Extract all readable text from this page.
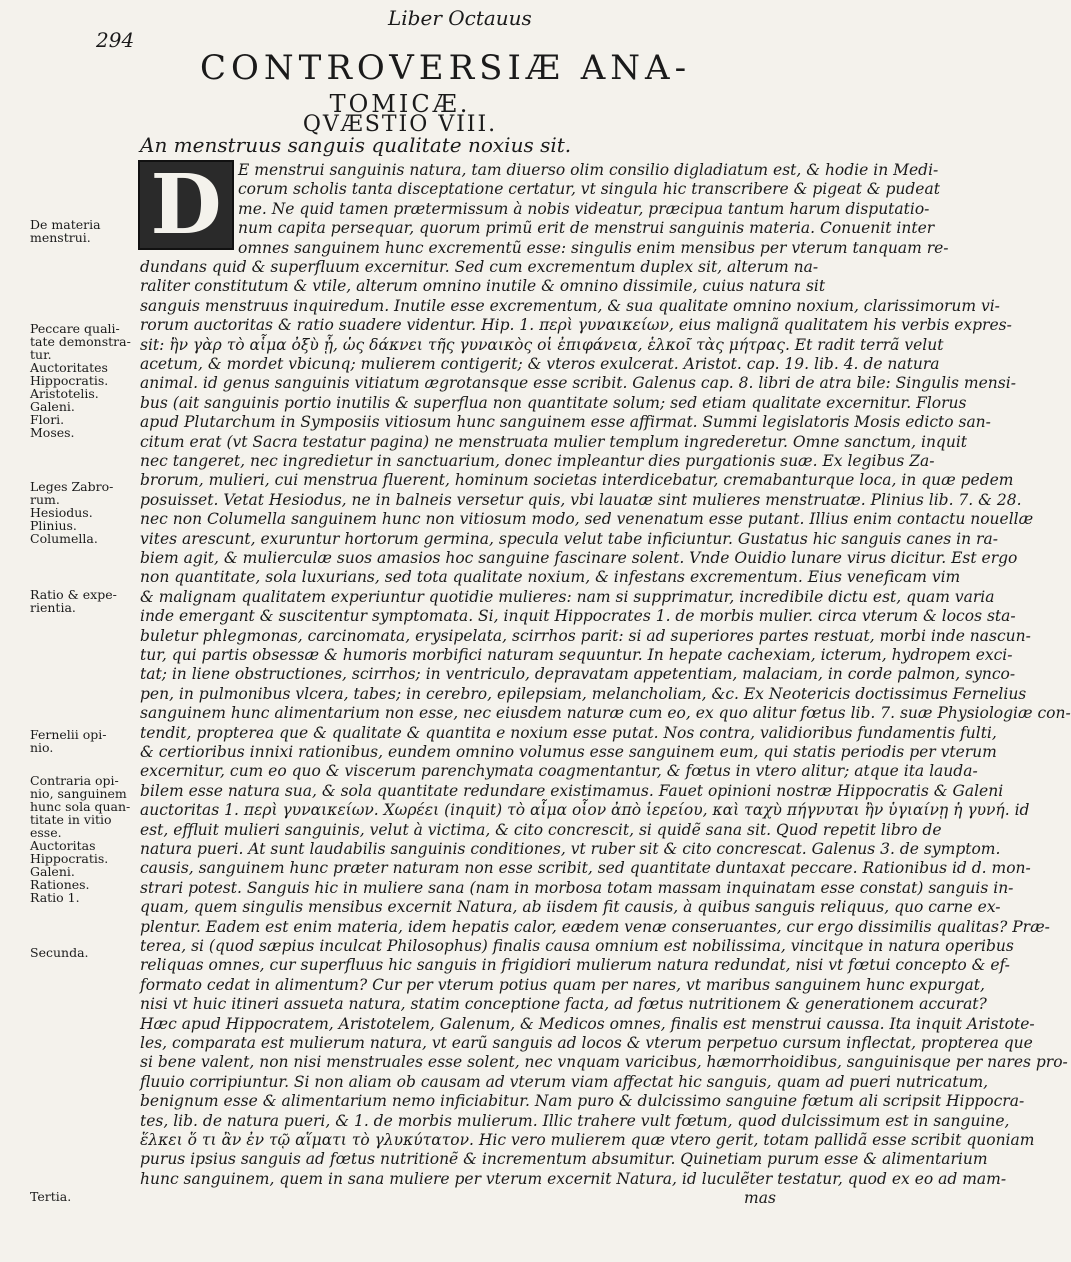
294
Liber Octauus
CONTROVERSIÆ ANA-
TOMICÆ.
QVÆSTIO VIII.
An menstruus sanguis qualitate noxius sit.
D E menstrui sanguinis natura, tam diuerso olim consilio digladiatum est, & hodie in Medi-
corum scholis tanta disceptatione certatur, vt singula hic transcribere & pigeat & pudeat
me. Ne quid tamen prætermissum à nobis videatur, præcipua tantum harum disputatio-
num capita persequar, quorum primũ erit de menstrui sanguinis materia. Conuenit inter
omnes sanguinem hunc excrementũ esse: singulis enim mensibus per vterum tanquam re-
dundans quid & superfluum excernitur. Sed cum excrementum duplex sit, alterum na-
raliter constitutum & vtile, alterum omnino inutile & omnino dissimile, cuius natura sit
sanguis menstruus inquiredum. Inutile esse excrementum, & sua qualitate omnino noxium, clarissimorum vi-
rorum auctoritas & ratio suadere videntur. Hip. 1. περὶ γυναικείων, eius malignã qualitatem his verbis expres-
sit: ἢν γὰρ τὸ αἷμα ὀξὺ ᾖ, ὡς δάκνει τῆς γυναικὸς οἱ ἐπιφάνεια, ἑλκοῖ τὰς μήτρας. Et radit terrã velut
acetum, & mordet vbicunq; mulierem contigerit; & vteros exulcerat. Aristot. cap. 19. lib. 4. de natura
animal. id genus sanguinis vitiatum ægrotansque esse scribit. Galenus cap. 8. libri de atra bile: Singulis mensi-
bus (ait sanguinis portio inutilis & superflua non quantitate solum; sed etiam qualitate excernitur. Florus
apud Plutarchum in Symposiis vitiosum hunc sanguinem esse affirmat. Summi legislatoris Mosis edicto san-
citum erat (vt Sacra testatur pagina) ne menstruata mulier templum ingrederetur. Omne sanctum, inquit
nec tangeret, nec ingredietur in sanctuarium, donec impleantur dies purgationis suæ. Ex legibus Za-
brorum, mulieri, cui menstrua fluerent, hominum societas interdicebatur, cremabanturque loca, in quæ pedem
posuisset. Vetat Hesiodus, ne in balneis versetur quis, vbi lauatæ sint mulieres menstruatæ. Plinius lib. 7. & 28.
nec non Columella sanguinem hunc non vitiosum modo, sed venenatum esse putant. Illius enim contactu nouellæ
vites arescunt, exuruntur hortorum germina, specula velut tabe inficiuntur. Gustatus hic sanguis canes in ra-
biem agit, & mulierculæ suos amasios hoc sanguine fascinare solent. Vnde Ouidio lunare virus dicitur. Est ergo
non quantitate, sola luxurians, sed tota qualitate noxium, & infestans excrementum. Eius veneficam vim
& malignam qualitatem experiuntur quotidie mulieres: nam si supprimatur, incredibile dictu est, quam varia
inde emergant & suscitentur symptomata. Si, inquit Hippocrates 1. de morbis mulier. circa vterum & locos sta-
buletur phlegmonas, carcinomata, erysipelata, scirrhos parit: si ad superiores partes restuat, morbi inde nascun-
tur, qui partis obsessæ & humoris morbifici naturam sequuntur. In hepate cachexiam, icterum, hydropem exci-
tat; in liene obstructiones, scirrhos; in ventriculo, depravatam appetentiam, malaciam, in corde palmon, synco-
pen, in pulmonibus vlcera, tabes; in cerebro, epilepsiam, melancholiam, &c. Ex Neotericis doctissimus Fernelius
sanguinem hunc alimentarium non esse, nec eiusdem naturæ cum eo, ex quo alitur fœtus lib. 7. suæ Physiologiæ con-
tendit, propterea que & qualitate & quantita e noxium esse putat. Nos contra, validioribus fundamentis fulti,
& certioribus innixi rationibus, eundem omnino volumus esse sanguinem eum, qui statis periodis per vterum
excernitur, cum eo quo & viscerum parenchymata coagmentantur, & fœtus in vtero alitur; atque ita lauda-
bilem esse natura sua, & sola quantitate redundare existimamus. Fauet opinioni nostræ Hippocratis & Galeni
auctoritas 1. περὶ γυναικείων. Χωρέει (inquit) τὸ αἷμα οἷον ἀπὸ ἱερείου, καὶ ταχὺ πήγνυται ἢν ὑγιαίνῃ ἡ γυνή. id
est, effluit mulieri sanguinis, velut à victima, & cito concrescit, si quidẽ sana sit. Quod repetit libro de
natura pueri. At sunt laudabilis sanguinis conditiones, vt ruber sit & cito concrescat. Galenus 3. de symptom.
causis, sanguinem hunc præter naturam non esse scribit, sed quantitate duntaxat peccare. Rationibus id d. mon-
strari potest. Sanguis hic in muliere sana (nam in morbosa totam massam inquinatam esse constat) sanguis in-
quam, quem singulis mensibus excernit Natura, ab iisdem fit causis, à quibus sanguis reliquus, quo carne ex-
plentur. Eadem est enim materia, idem hepatis calor, eædem venæ conseruantes, cur ergo dissimilis qualitas? Præ-
terea, si (quod sæpius inculcat Philosophus) finalis causa omnium est nobilissima, vincitque in natura operibus
reliquas omnes, cur superfluus hic sanguis in frigidiori mulierum natura redundat, nisi vt fœtui concepto & ef-
formato cedat in alimentum? Cur per vterum potius quam per nares, vt maribus sanguinem hunc expurgat,
nisi vt huic itineri assueta natura, statim conceptione facta, ad fœtus nutritionem & generationem accurat?
Hæc apud Hippocratem, Aristotelem, Galenum, & Medicos omnes, finalis est menstrui caussa. Ita inquit Aristote-
les, comparata est mulierum natura, vt earũ sanguis ad locos & vterum perpetuo cursum inflectat, propterea que
si bene valent, non nisi menstruales esse solent, nec vnquam varicibus, hæmorrhoidibus, sanguinisque per nares pro-
fluuio corripiuntur. Si non aliam ob causam ad vterum viam affectat hic sanguis, quam ad pueri nutricatum,
benignum esse & alimentarium nemo inficiabitur. Nam puro & dulcissimo sanguine fœtum ali scripsit Hippocra-
tes, lib. de natura pueri, & 1. de morbis mulierum. Illic trahere vult fœtum, quod dulcissimum est in sanguine,
ἕλκει ὅ τι ἂν ἐν τῷ αἵματι τὸ γλυκύτατον. Hic vero mulierem quæ vtero gerit, totam pallidã esse scribit quoniam
purus ipsius sanguis ad fœtus nutritionẽ & incrementum absumitur. Quinetiam purum esse & alimentarium
hunc sanguinem, quem in sana muliere per vterum excernit Natura, id luculẽter testatur, quod ex eo ad mam-
mas
De materia
menstrui.
Peccare quali-
tate demonstra-
tur.
Auctoritates
Hippocratis.
Aristotelis.
Galeni.
Flori.
Moses.
Leges Zabro-
rum.
Hesiodus.
Plinius.
Columella.
Ratio & expe-
rientia.
Fernelii opi-
nio.
Contraria opi-
nio, sanguinem
hunc sola quan-
titate in vitio
esse.
Auctoritas
Hippocratis.
Galeni.
Rationes.
Ratio 1.
Secunda.
Tertia.
